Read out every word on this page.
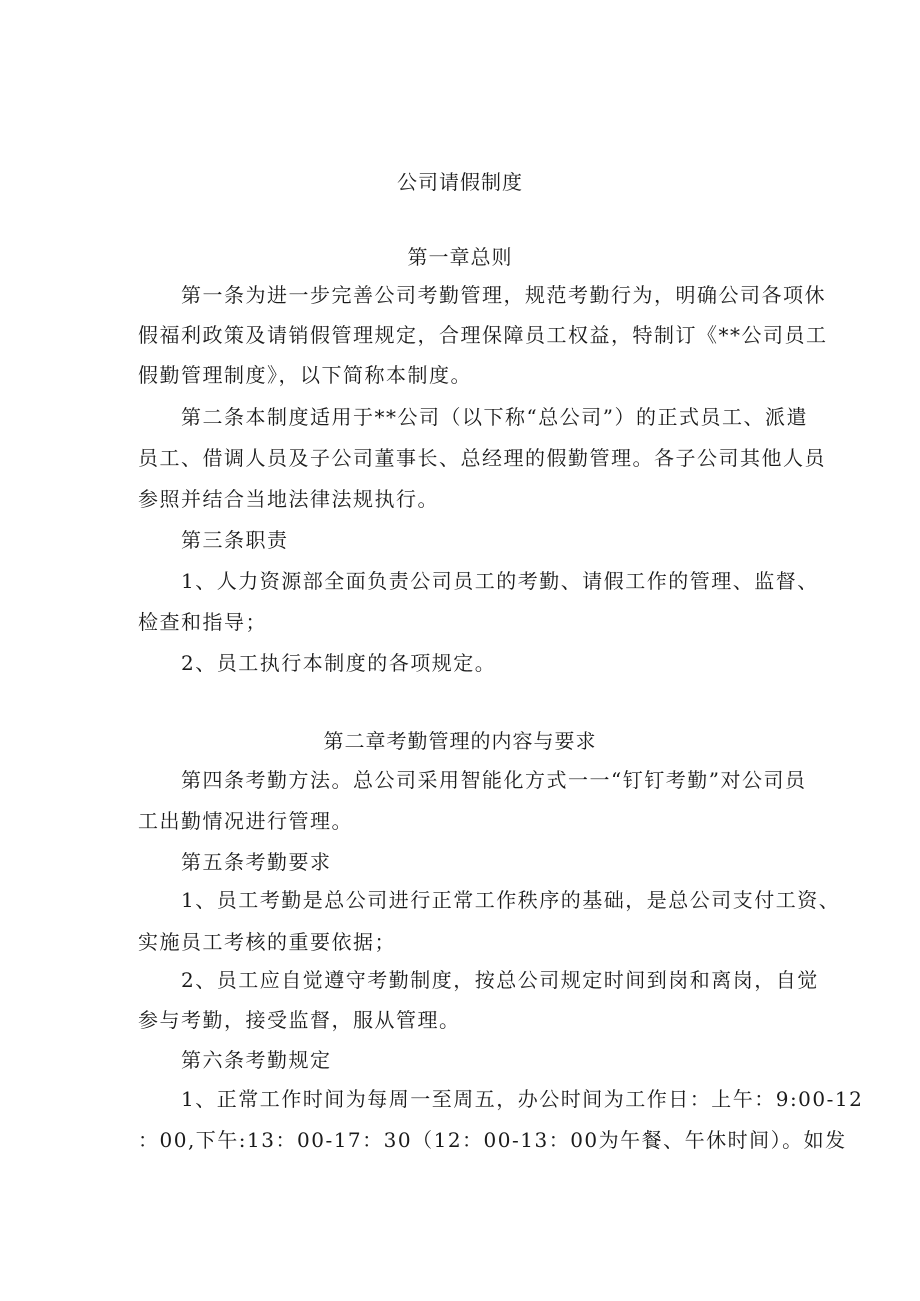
公司请假制度
第一章总则
第一条为进一步完善公司考勤管理，规范考勤行为，明确公司各项休
假福利政策及请销假管理规定，合理保障员工权益，特制订《**公司员工
假勤管理制度》，以下简称本制度。
第二条本制度适用于**公司（以下称“总公司”）的正式员工、派遣
员工、借调人员及子公司董事长、总经理的假勤管理。各子公司其他人员
参照并结合当地法律法规执行。
第三条职责
1、人力资源部全面负责公司员工的考勤、请假工作的管理、监督、
检查和指导；
2、员工执行本制度的各项规定。
第二章考勤管理的内容与要求
第四条考勤方法。总公司采用智能化方式一一“钉钉考勤”对公司员
工出勤情况进行管理。
第五条考勤要求
1、员工考勤是总公司进行正常工作秩序的基础，是总公司支付工资、
实施员工考核的重要依据；
2、员工应自觉遵守考勤制度，按总公司规定时间到岗和离岗，自觉
参与考勤，接受监督，服从管理。
第六条考勤规定
1、正常工作时间为每周一至周五，办公时间为工作日：上午：9:00-12
：00,下午:13：00-17：30（12：00-13：00为午餐、午休时间）。如发
